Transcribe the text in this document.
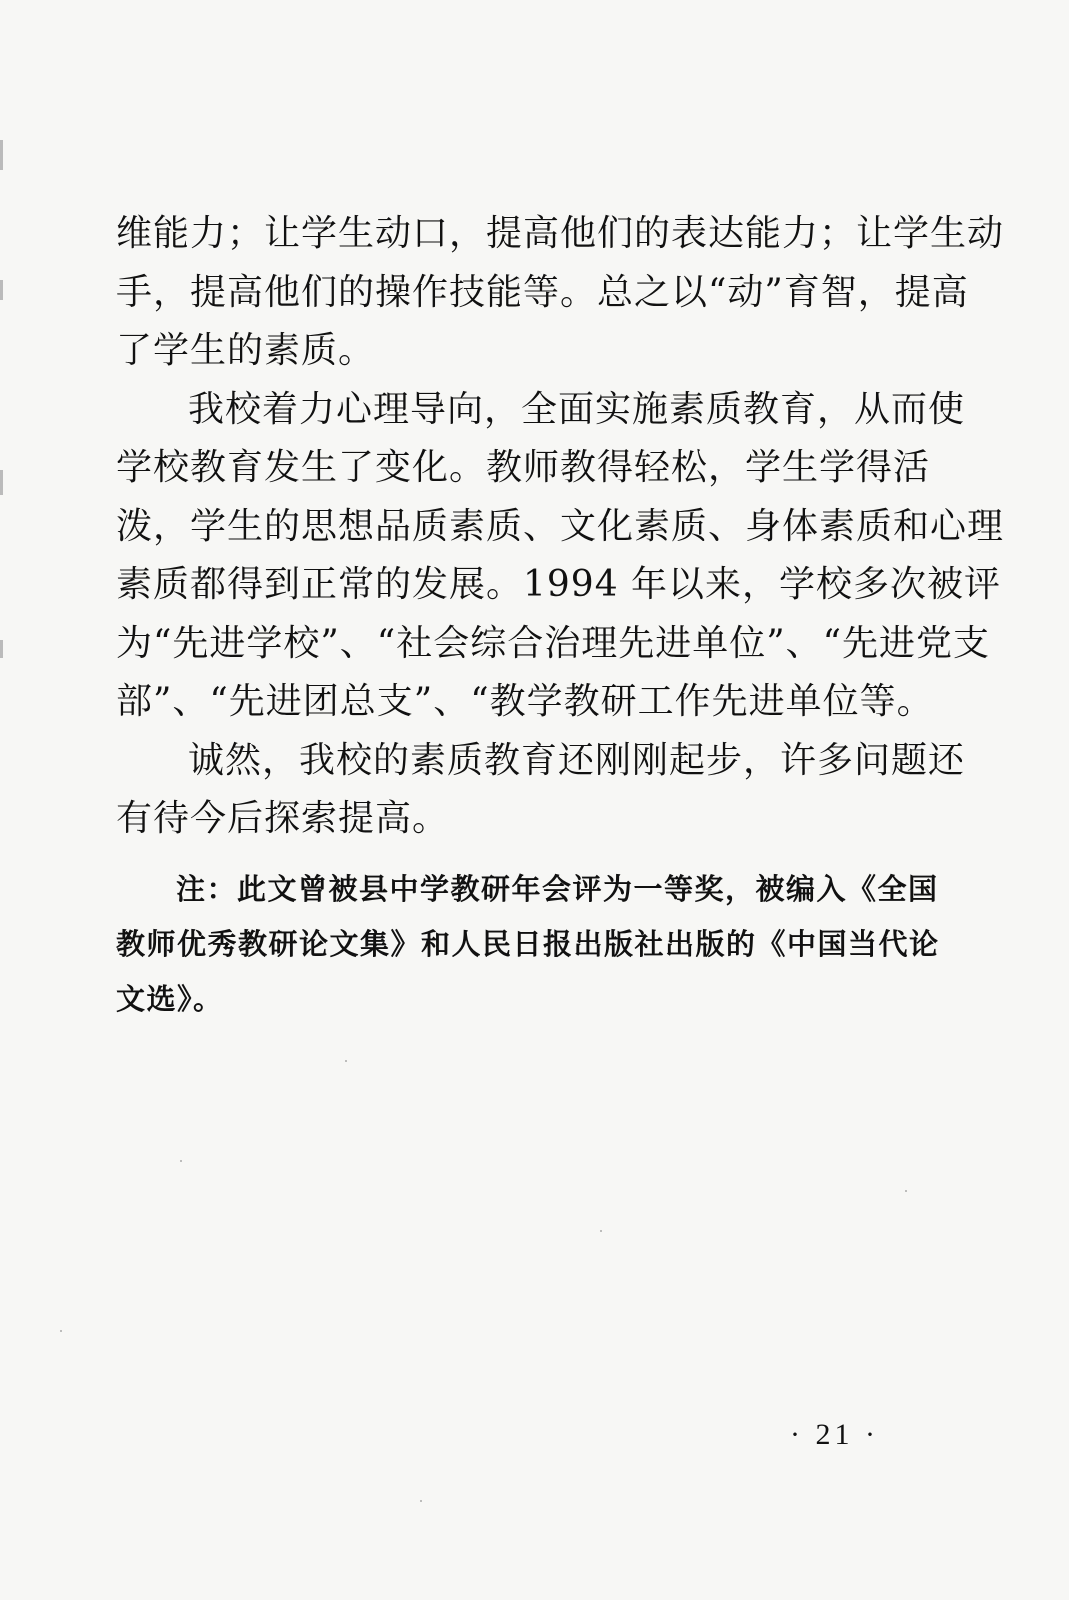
维能力；让学生动口，提高他们的表达能力；让学生动
手，提高他们的操作技能等。总之以“动”育智，提高
了学生的素质。
我校着力心理导向，全面实施素质教育，从而使
学校教育发生了变化。教师教得轻松，学生学得活
泼，学生的思想品质素质、文化素质、身体素质和心理
素质都得到正常的发展。1994 年以来，学校多次被评
为“先进学校”、“社会综合治理先进单位”、“先进党支
部”、“先进团总支”、“教学教研工作先进单位等。
诚然，我校的素质教育还刚刚起步，许多问题还
有待今后探索提高。
注：此文曾被县中学教研年会评为一等奖，被编入《全国
教师优秀教研论文集》和人民日报出版社出版的《中国当代论
文选》。
· 21 ·
